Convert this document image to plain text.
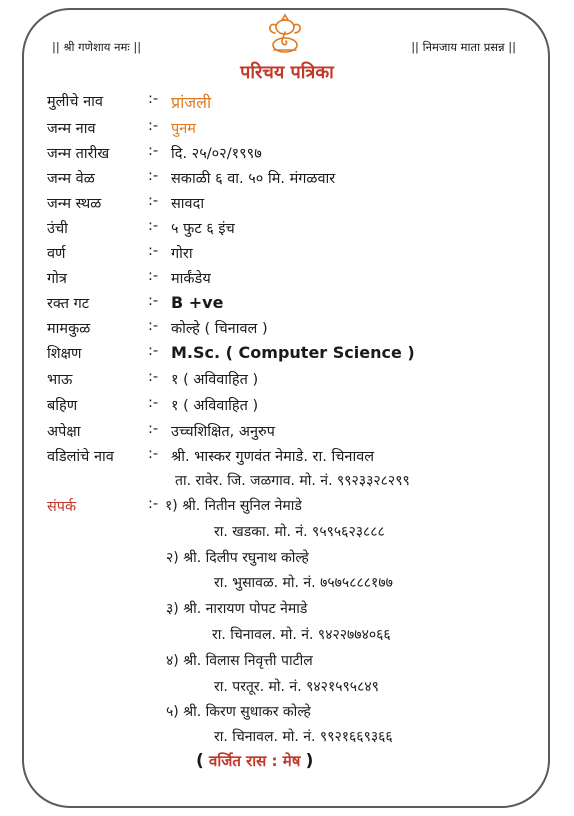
|| श्री गणेशाय नमः ||	|| निमजाय माता प्रसन्न ||
परिचय पत्रिका
मुलीचे नाव	:- प्रांजली
जन्म नाव	:- पुनम
जन्म तारीख	:- दि. २५/०२/१९९७
जन्म वेळ	:- सकाळी ६ वा. ५० मि. मंगळवार
जन्म स्थळ	:- सावदा
उंची	:- ५ फुट ६ इंच
वर्ण	:- गोरा
गोत्र	:- मार्कंडेय
रक्त गट	:- B +ve
मामकुळ	:- कोल्हे ( चिनावल )
शिक्षण	:- M.Sc. ( Computer Science )
भाऊ	:- १ ( अविवाहित )
बहिण	:- १ ( अविवाहित )
अपेक्षा	:- उच्चशिक्षित, अनुरुप
वडिलांचे नाव	:- श्री. भास्कर गुणवंत नेमाडे. रा. चिनावल
ता. रावेर. जि. जळगाव. मो. नं. ९९२३३२८२९९
संपर्क	:- १) श्री. नितीन सुनिल नेमाडे
रा. खडका. मो. नं. ९५९५६२३८८८
२) श्री. दिलीप रघुनाथ कोल्हे
रा. भुसावळ. मो. नं. ७५७५८८८१७७
३) श्री. नारायण पोपट नेमाडे
रा. चिनावल. मो. नं. ९४२२७७४०६६
४) श्री. विलास निवृत्ती पाटील
रा. परतूर. मो. नं. ९४२१५९५८४९
५) श्री. किरण सुधाकर कोल्हे
रा. चिनावल. मो. नं. ९९२१६६९३६६
( वर्जित रास : मेष )
